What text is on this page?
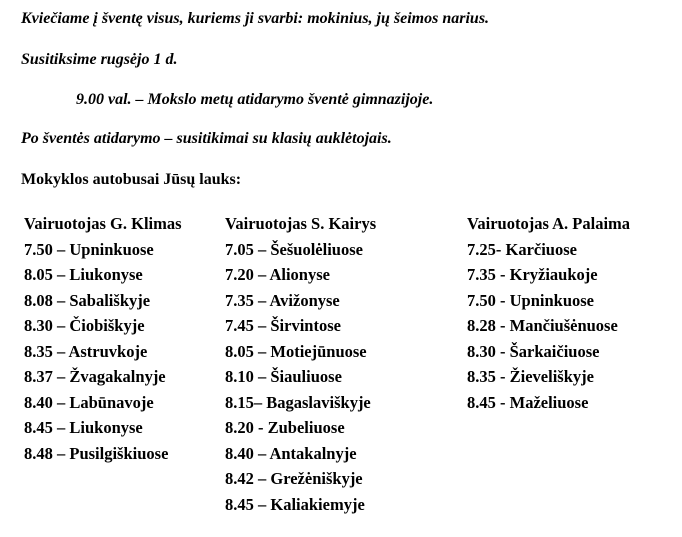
Kviečiame į šventę visus, kuriems ji svarbi: mokinius, jų šeimos narius.
Susitiksime rugsėjo 1 d.
9.00 val. – Mokslo metų atidarymo šventė gimnazijoje.
Po šventės atidarymo – susitikimai su klasių auklėtojais.
Mokyklos autobusai Jūsų lauks:
Vairuotojas G. Klimas
7.50 – Upninkuose
8.05 – Liukonyse
8.08 – Sabališkyje
8.30 – Čiobiškyje
8.35 – Astruvkoje
8.37 – Žvagakalnyje
8.40 – Labūnavoje
8.45 – Liukonyse
8.48 – Pusilgiškiuose
Vairuotojas S. Kairys
7.05 – Šešuolėliuose
7.20 – Alionyse
7.35 – Avižonyse
7.45 – Širvintose
8.05 – Motiejūnuose
8.10 – Šiauliuose
8.15– Bagaslaviškyje
8.20 - Zubeliuose
8.40 – Antakalnyje
8.42 – Grežėniškyje
8.45 – Kaliakiemyje
Vairuotojas A. Palaima
7.25- Karčiuose
7.35 - Kryžiaukoje
7.50 - Upninkuose
8.28 - Mančiušėnuose
8.30 - Šarkaičiuose
8.35 - Žieveliškyje
8.45 - Maželiuose
